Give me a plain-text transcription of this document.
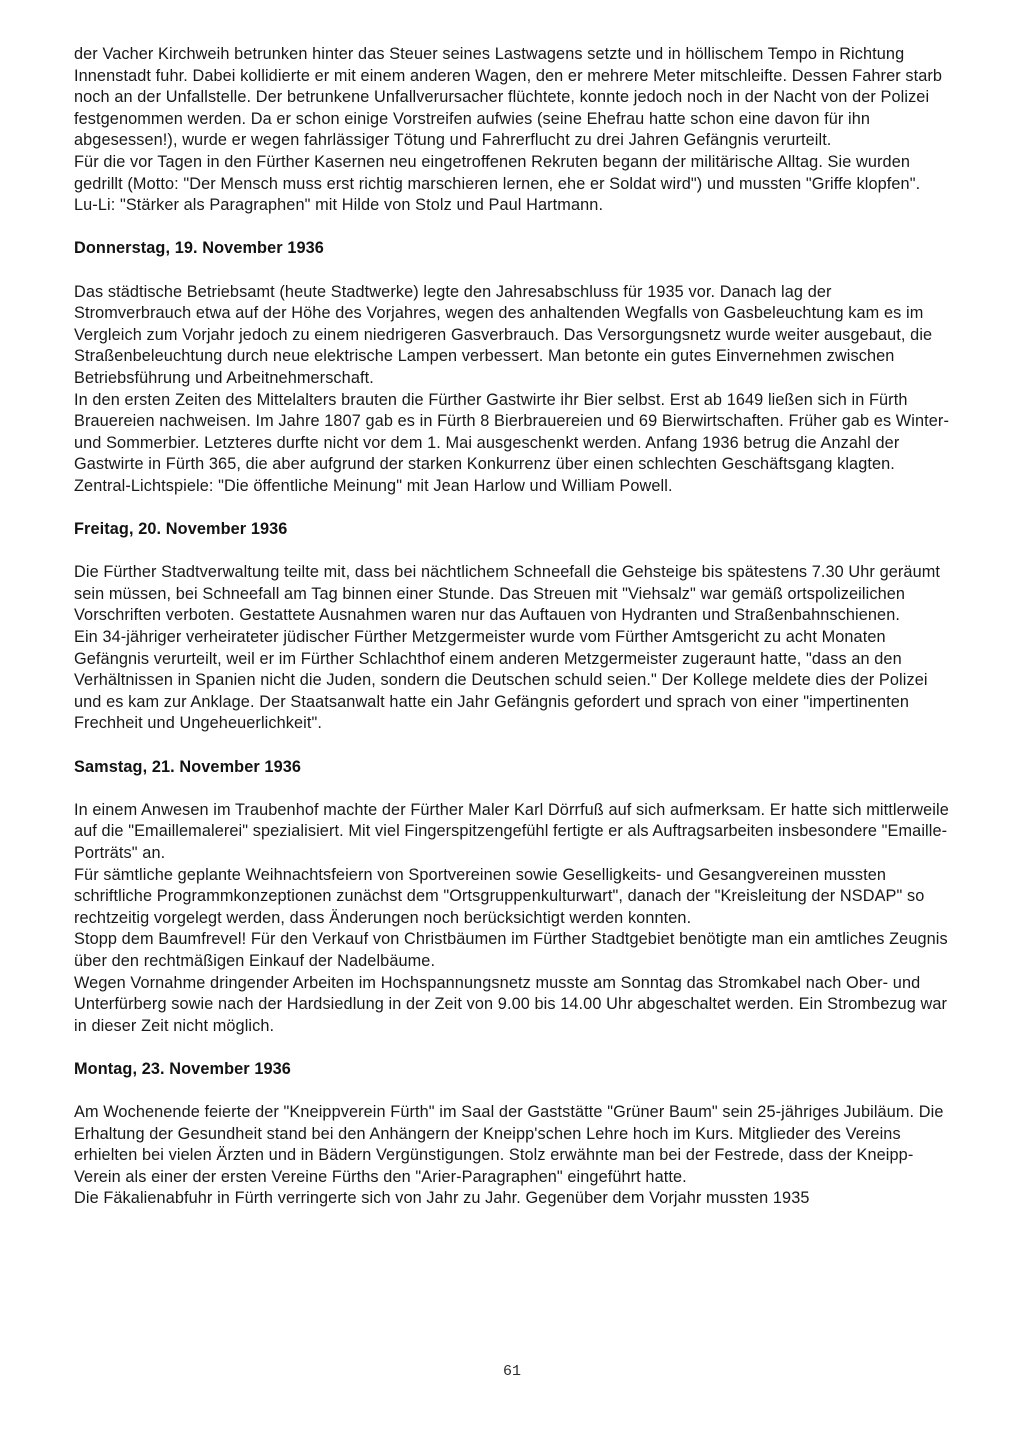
der Vacher Kirchweih betrunken hinter das Steuer seines Lastwagens setzte und in höllischem Tempo in Richtung Innenstadt fuhr. Dabei kollidierte er mit einem anderen Wagen, den er mehrere Meter mitschleifte. Dessen Fahrer starb noch an der Unfallstelle. Der betrunkene Unfallverursacher flüchtete, konnte jedoch noch in der Nacht von der Polizei festgenommen werden. Da er schon einige Vorstreifen aufwies (seine Ehefrau hatte schon eine davon für ihn abgesessen!), wurde er wegen fahrlässiger Tötung und Fahrerflucht zu drei Jahren Gefängnis verurteilt.

Für die vor Tagen in den Fürther Kasernen neu eingetroffenen Rekruten begann der militärische Alltag. Sie wurden gedrillt (Motto: "Der Mensch muss erst richtig marschieren lernen, ehe er Soldat wird") und mussten "Griffe klopfen".

Lu-Li: "Stärker als Paragraphen" mit Hilde von Stolz und Paul Hartmann.

Donnerstag, 19. November 1936

Das städtische Betriebsamt (heute Stadtwerke) legte den Jahresabschluss für 1935 vor. Danach lag der Stromverbrauch etwa auf der Höhe des Vorjahres, wegen des anhaltenden Wegfalls von Gasbeleuchtung kam es im Vergleich zum Vorjahr jedoch zu einem niedrigeren Gasverbrauch. Das Versorgungsnetz wurde weiter ausgebaut, die Straßenbeleuchtung durch neue elektrische Lampen verbessert. Man betonte ein gutes Einvernehmen zwischen Betriebsführung und Arbeitnehmerschaft.

In den ersten Zeiten des Mittelalters brauten die Fürther Gastwirte ihr Bier selbst. Erst ab 1649 ließen sich in Fürth Brauereien nachweisen. Im Jahre 1807 gab es in Fürth 8 Bierbrauereien und 69 Bierwirtschaften. Früher gab es Winter- und Sommerbier. Letzteres durfte nicht vor dem 1. Mai ausgeschenkt werden. Anfang 1936 betrug die Anzahl der Gastwirte in Fürth 365, die aber aufgrund der starken Konkurrenz über einen schlechten Geschäftsgang klagten.

Zentral-Lichtspiele: "Die öffentliche Meinung" mit Jean Harlow und William Powell.

Freitag, 20. November 1936

Die Fürther Stadtverwaltung teilte mit, dass bei nächtlichem Schneefall die Gehsteige bis spätestens 7.30 Uhr geräumt sein müssen, bei Schneefall am Tag binnen einer Stunde. Das Streuen mit "Viehsalz" war gemäß ortspolizeilichen Vorschriften verboten. Gestattete Ausnahmen waren nur das Auftauen von Hydranten und Straßenbahnschienen.

Ein 34-jähriger verheirateter jüdischer Fürther Metzgermeister wurde vom Fürther Amtsgericht zu acht Monaten Gefängnis verurteilt, weil er im Fürther Schlachthof einem anderen Metzgermeister zugeraunt hatte, "dass an den Verhältnissen in Spanien nicht die Juden, sondern die Deutschen schuld seien." Der Kollege meldete dies der Polizei und es kam zur Anklage. Der Staatsanwalt hatte ein Jahr Gefängnis gefordert und sprach von einer "impertinenten Frechheit und Ungeheuerlichkeit".

Samstag, 21. November 1936

In einem Anwesen im Traubenhof machte der Fürther Maler Karl Dörrfuß auf sich aufmerksam. Er hatte sich mittlerweile auf die "Emaillemalerei" spezialisiert. Mit viel Fingerspitzengefühl fertigte er als Auftragsarbeiten insbesondere "Emaille-Porträts" an.

Für sämtliche geplante Weihnachtsfeiern von Sportvereinen sowie Geselligkeits- und Gesangvereinen mussten schriftliche Programmkonzeptionen zunächst dem "Ortsgruppenkulturwart", danach der "Kreisleitung der NSDAP" so rechtzeitig vorgelegt werden, dass Änderungen noch berücksichtigt werden konnten.

Stopp dem Baumfrevel! Für den Verkauf von Christbäumen im Fürther Stadtgebiet benötigte man ein amtliches Zeugnis über den rechtmäßigen Einkauf der Nadelbäume.

Wegen Vornahme dringender Arbeiten im Hochspannungsnetz musste am Sonntag das Stromkabel nach Ober- und Unterfürberg sowie nach der Hardsiedlung in der Zeit von 9.00 bis 14.00 Uhr abgeschaltet werden. Ein Strombezug war in dieser Zeit nicht möglich.

Montag, 23. November 1936

Am Wochenende feierte der "Kneippverein Fürth" im Saal der Gaststätte "Grüner Baum" sein 25-jähriges Jubiläum. Die Erhaltung der Gesundheit stand bei den Anhängern der Kneipp'schen Lehre hoch im Kurs. Mitglieder des Vereins erhielten bei vielen Ärzten und in Bädern Vergünstigungen. Stolz erwähnte man bei der Festrede, dass der Kneipp-Verein als einer der ersten Vereine Fürths den "Arier-Paragraphen" eingeführt hatte.

Die Fäkalienabfuhr in Fürth verringerte sich von Jahr zu Jahr. Gegenüber dem Vorjahr mussten 1935

61
